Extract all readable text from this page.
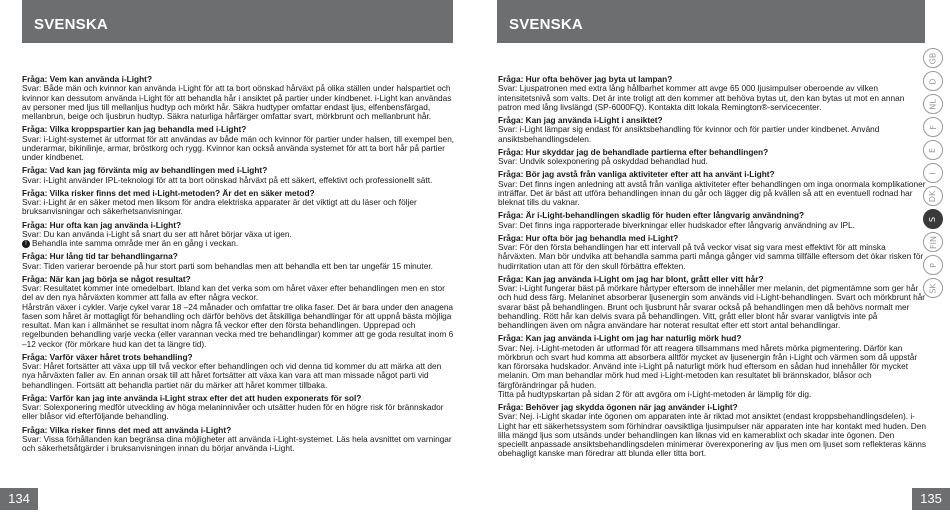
SVENSKA
Fråga: Vem kan använda i-Light?

Svar: Både män och kvinnor kan använda i-Light för att ta bort oönskad hårväxt på olika ställen under halspartiet och kvinnor kan dessutom använda i-Light för att behandla hår i ansiktet på partier under kindbenet. i-Light kan användas av personer med ljus till mellanljus hudtyp och mörkt hår. Säkra hudtyper omfattar endast ljus, elfenbensfärgad, mellanbrun, beige och ljusbrun hudtyp. Säkra naturliga hårfärger omfattar svart, mörkbrunt och mellanbrunt hår.

Fråga: Vilka kroppspartier kan jag behandla med i-Light?

Svar: i-Light-systemet är utformat för att användas av både män och kvinnor för partier under halsen, till exempel ben, underarmar, bikinilinje, armar, bröstkorg och rygg. Kvinnor kan också använda systemet för att ta bort hår på partier under kindbenet.

Fråga: Vad kan jag förvänta mig av behandlingen med i-Light?

Svar: i-Light använder IPL-teknologi för att ta bort oönskad hårväxt på ett säkert, effektivt och professionellt sätt.

Fråga: Vilka risker finns det med i-Light-metoden? Är det en säker metod?

Svar: i-Light är en säker metod men liksom för andra elektriska apparater är det viktigt att du läser och följer bruksanvisningar och säkerhetsanvisningar.

Fråga: Hur ofta kan jag använda i-Light?

Svar: Du kan använda i-Light så snart du ser att håret börjar växa ut igen.

! Behandla inte samma område mer än en gång i veckan.

Fråga: Hur lång tid tar behandlingarna?

Svar: Tiden varierar beroende på hur stort parti som behandlas men att behandla ett ben tar ungefär 15 minuter.

Fråga: När kan jag börja se något resultat?

Svar: Resultatet kommer inte omedelbart. Ibland kan det verka som om håret växer efter behandlingen men en stor del av den nya hårväxten kommer att falla av efter några veckor.

Hårsträn växer i cykler. Varje cykel varar 18 –24 månader och omfattar tre olika faser. Det är bara under den anagena fasen som håret är mottagligt för behandling och därför behövs det åtskilliga behandlingar för att uppnå bästa möjliga resultat. Man kan i allmänhet se resultat inom några få veckor efter den första behandlingen. Upprepad och regelbunden behandling varje vecka (eller varannan vecka med tre behandlingar) kommer att ge goda resultat inom 6 –12 veckor (för mörkare hud kan det ta längre tid).

Fråga: Varför växer håret trots behandling?

Svar: Håret fortsätter att växa upp till två veckor efter behandlingen och vid denna tid kommer du att märka att den nya hårväxten faller av. En annan orsak till att håret fortsätter att växa kan vara att man missade något parti vid behandlingen. Fortsätt att behandla partiet när du märker att håret kommer tillbaka.

Fråga: Varför kan jag inte använda i-Light strax efter det att huden exponerats för sol?

Svar: Solexponering medför utveckling av höga melaninnivåer och utsätter huden för en högre risk för brännskador eller blåsor vid efterföljande behandling.

Fråga: Vilka risker finns det med att använda i-Light?

Svar: Vissa förhållanden kan begränsa dina möjligheter att använda i-Light-systemet. Läs hela avsnittet om varningar och säkerhetsåtgärder i bruksanvisningen innan du börjar använda i-Light.

134
SVENSKA
Fråga: Hur ofta behöver jag byta ut lampan?

Svar: Ljuspatronen med extra lång hållbarhet kommer att avge 65 000 ljusimpulser oberoende av vilken intensitetsnivå som valts. Det är inte troligt att den kommer att behöva bytas ut, den kan bytas ut mot en annan patron med lång livslängd (SP-6000FQ). Kontakta ditt lokala Remington®-servicecenter.

Fråga: Kan jag använda i-Light i ansiktet?

Svar: i-Light lämpar sig endast för ansiktsbehandling för kvinnor och för partier under kindbenet. Använd ansiktsbehandlingsdelen.

Fråga: Hur skyddar jag de behandlade partierna efter behandlingen?

Svar: Undvik solexponering på oskyddad behandlad hud.

Fråga: Bör jag avstå från vanliga aktiviteter efter att ha använt i-Light?

Svar: Det finns ingen anledning att avstå från vanliga aktiviteter efter behandlingen om inga onormala komplikationer inträffar. Det är bäst att utföra behandlingen innan du går och lägger dig på kvällen så att en eventuell rodnad har bleknat tills du vaknar.

Fråga: Är i-Light-behandlingen skadlig för huden efter långvarig användning?

Svar: Det finns inga rapporterade biverkningar eller hudskador efter långvarig användning av IPL.

Fråga: Hur ofta bör jag behandla med i-Light?

Svar: För den första behandlingen har ett intervall på två veckor visat sig vara mest effektivt för att minska hårväxten. Man bör undvika att behandla samma parti många gånger vid samma tillfälle eftersom det ökar risken för hudirritation utan att för den skull förbättra effekten.

Fråga: Kan jag använda i-Light om jag har blont, grått eller vitt hår?

Svar: i-Light fungerar bäst på mörkare hårtyper eftersom de innehåller mer melanin, det pigmentämne som ger hår och hud dess färg. Melaninet absorberar ljusenergin som används vid i-Light-behandlingen. Svart och mörkbrunt hår svarar bäst på behandlingen. Brunt och ljusbrunt hår svarar också på behandlingen men då behövs normalt mer behandling. Rött hår kan delvis svara på behandlingen. Vitt, grått eller blont hår svarar vanligtvis inte på behandlingen även om några användare har noterat resultat efter ett stort antal behandlingar.

Fråga: Kan jag använda i-Light om jag har naturlig mörk hud?

Svar: Nej. i-Light-metoden är utformad för att reagera tillsammans med hårets mörka pigmentering. Därför kan mörkbrun och svart hud komma att absorbera alltför mycket av ljusenergin från i-Light och värmen som då uppstår kan förorsaka hudskador. Använd inte i-Light på naturligt mörk hud eftersom en sådan hud innehåller för mycket melanin. Om man behandlar mörk hud med i-Light-metoden kan resultatet bli brännskador, blåsor och färgförändringar på huden.

Titta på hudtypskartan på sidan 2 för att avgöra om i-Light-metoden är lämplig för dig.

Fråga: Behöver jag skydda ögonen när jag använder i-Light?

Svar: Nej. i-Light skadar inte ögonen om apparaten inte är riktad mot ansiktet (endast kroppsbehandlingsdelen). i-Light har ett säkerhetssystem som förhindrar oavsiktliga ljusimpulser när apparaten inte har kontakt med huden. Den lilla mängd ljus som utsänds under behandlingen kan liknas vid en kamerablixt och skadar inte ögonen. Den speciellt anpassade ansiktsbehandlingsdelen minimerar överexponering av ljus men om ljuset som reflekteras känns obehagligt kanske man föredrar att blunda eller titta bort.

135
GB
D
NL
F
E
I
DK
S
FIN
P
SK
